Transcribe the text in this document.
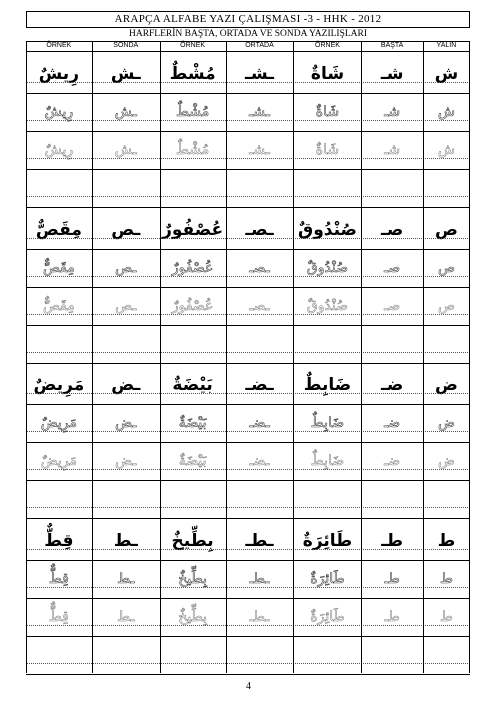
ARAPÇA ALFABE YAZI ÇALIŞMASI -3 - HHK - 2012
HARFLERİN BAŞTA, ORTADA VE SONDA YAZILIŞLARI
ÖRNEK	SONDA	ÖRNEK	ORTADA	ÖRNEK	BAŞTA	YALIN
رِيشٌ	ـش	مُشْطٌ	ـشـ	شَاةٌ	شـ	ش
رِيشٌ	ـش	مُشْطٌ	ـشـ	شَاةٌ	شـ	ش
رِيشٌ	ـش	مُشْطٌ	ـشـ	شَاةٌ	شـ	ش
مِقَصٌّ	ـص	عُصْفُورٌ	ـصـ	صُنْدُوقٌ	صـ	ص
مِقَصٌّ	ـص	عُصْفُورٌ	ـصـ	صُنْدُوقٌ	صـ	ص
مِقَصٌّ	ـص	عُصْفُورٌ	ـصـ	صُنْدُوقٌ	صـ	ص
مَرِيضٌ	ـض	بَيْضَةٌ	ـضـ	ضَابِطٌ	ضـ	ض
مَرِيضٌ	ـض	بَيْضَةٌ	ـضـ	ضَابِطٌ	ضـ	ض
مَرِيضٌ	ـض	بَيْضَةٌ	ـضـ	ضَابِطٌ	ضـ	ض
قِطٌّ	ـط	بِطِّيخٌ	ـطـ	طَائِرَةٌ	طـ	ط
قِطٌّ	ـط	بِطِّيخٌ	ـطـ	طَائِرَةٌ	طـ	ط
قِطٌّ	ـط	بِطِّيخٌ	ـطـ	طَائِرَةٌ	طـ	ط
4
